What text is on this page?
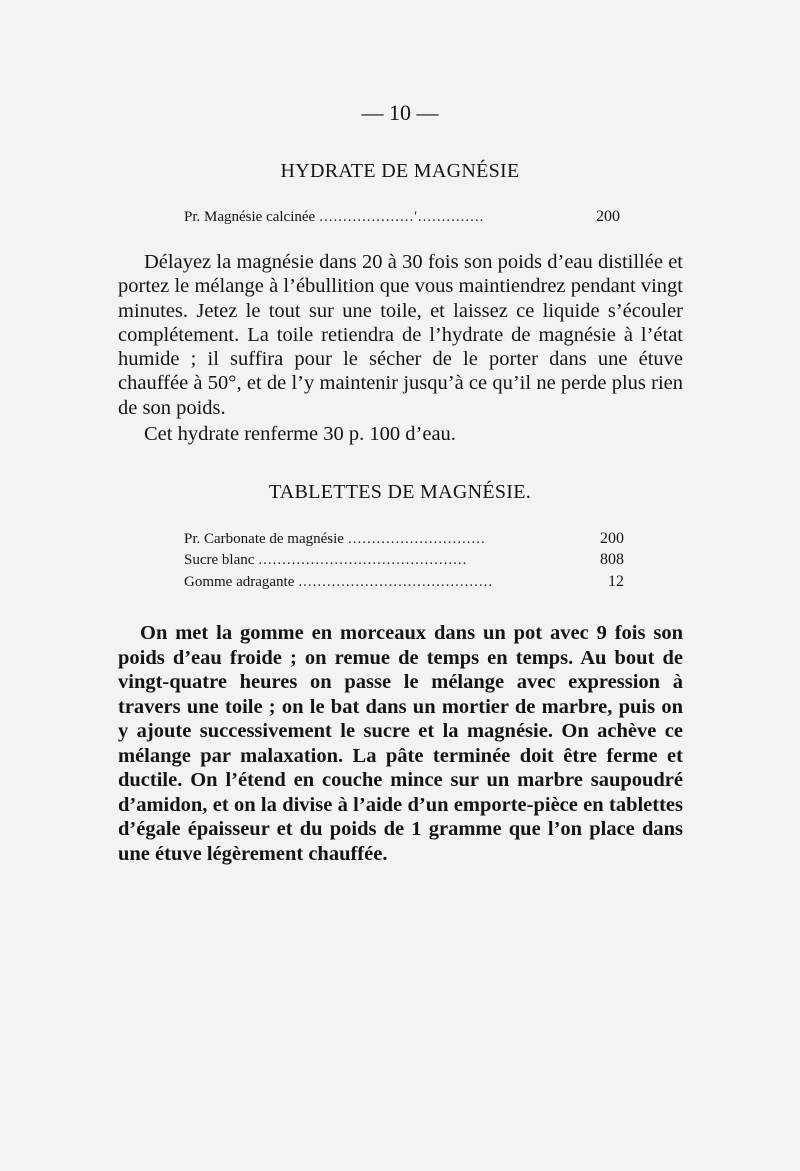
— 10 —
HYDRATE DE MAGNÉSIE
Pr. Magnésie calcinée ....................'..............	200

Délayez la magnésie dans 20 à 30 fois son poids d’eau distillée et portez le mélange à l’ébullition que vous maintiendrez pendant vingt minutes. Jetez le tout sur une toile, et laissez ce liquide s’écouler complétement. La toile retiendra de l’hydrate de magnésie à l’état humide ; il suffira pour le sécher de le porter dans une étuve chauffée à 50°, et de l’y maintenir jusqu’à ce qu’il ne perde plus rien de son poids.

Cet hydrate renferme 30 p. 100 d’eau.

TABLETTES DE MAGNÉSIE.
Pr. Carbonate de magnésie .............................	200
Sucre blanc ............................................	808
Gomme adragante .........................................	12

On met la gomme en morceaux dans un pot avec 9 fois son poids d’eau froide ; on remue de temps en temps. Au bout de vingt-quatre heures on passe le mélange avec expression à travers une toile ; on le bat dans un mortier de marbre, puis on y ajoute successivement le sucre et la magnésie. On achève ce mélange par malaxation. La pâte terminée doit être ferme et ductile. On l’étend en couche mince sur un marbre saupoudré d’amidon, et on la divise à l’aide d’un emporte-pièce en tablettes d’égale épaisseur et du poids de 1 gramme que l’on place dans une étuve légèrement chauffée.
